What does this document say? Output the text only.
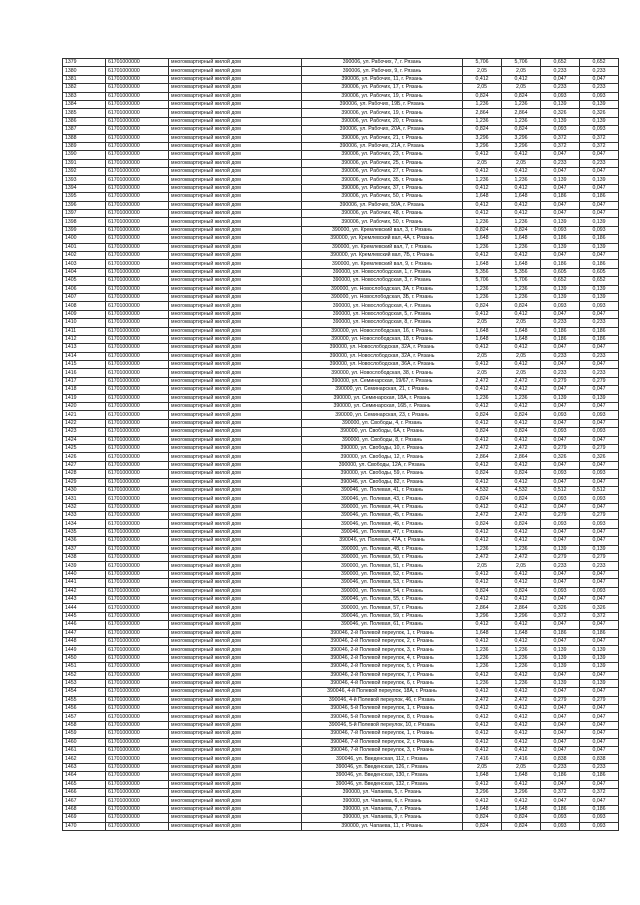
1379	61701000000	многоквартирный жилой дом	390006, ул. Рабочих, 7, г. Рязань	5,706	5,706	0,652	0,652
1380	61701000000	многоквартирный жилой дом	390006, ул. Рабочих, 9, г. Рязань	2,05	2,05	0,233	0,233
1381	61701000000	многоквартирный жилой дом	390006, ул. Рабочих, 11, г. Рязань	0,412	0,412	0,047	0,047
1382	61701000000	многоквартирный жилой дом	390006, ул. Рабочих, 17, г. Рязань	2,05	2,05	0,233	0,233
1383	61701000000	многоквартирный жилой дом	390006, ул. Рабочих, 19, г. Рязань	0,824	0,824	0,093	0,093
1384	61701000000	многоквартирный жилой дом	390006, ул. Рабочих, 19Б, г. Рязань	1,236	1,236	0,139	0,139
1385	61701000000	многоквартирный жилой дом	390006, ул. Рабочих, 19, г. Рязань	2,864	2,864	0,326	0,326
1386	61701000000	многоквартирный жилой дом	390006, ул. Рабочих, 20, г. Рязань	1,236	1,236	0,139	0,139
1387	61701000000	многоквартирный жилой дом	390006, ул. Рабочих, 20А, г. Рязань	0,824	0,824	0,093	0,093
1388	61701000000	многоквартирный жилой дом	390006, ул. Рабочих, 21, г. Рязань	3,296	3,296	0,372	0,372
1389	61701000000	многоквартирный жилой дом	390006, ул. Рабочих, 21А, г. Рязань	3,296	3,296	0,372	0,372
1390	61701000000	многоквартирный жилой дом	390006, ул. Рабочих, 23, г. Рязань	0,412	0,412	0,047	0,047
1391	61701000000	многоквартирный жилой дом	390006, ул. Рабочих, 25, г. Рязань	2,05	2,05	0,233	0,233
1392	61701000000	многоквартирный жилой дом	390006, ул. Рабочих, 27, г. Рязань	0,412	0,412	0,047	0,047
1393	61701000000	многоквартирный жилой дом	390006, ул. Рабочих, 35, г. Рязань	1,236	1,236	0,139	0,139
1394	61701000000	многоквартирный жилой дом	390006, ул. Рабочих, 37, г. Рязань	0,412	0,412	0,047	0,047
1395	61701000000	многоквартирный жилой дом	390006, ул. Рабочих, 50, г. Рязань	1,648	1,648	0,186	0,186
1396	61701000000	многоквартирный жилой дом	390006, ул. Рабочих, 50А, г. Рязань	0,412	0,412	0,047	0,047
1397	61701000000	многоквартирный жилой дом	390006, ул. Рабочих, 48, г. Рязань	0,412	0,412	0,047	0,047
1398	61701000000	многоквартирный жилой дом	390006, ул. Рабочих, 50, г. Рязань	1,236	1,236	0,139	0,139
1399	61701000000	многоквартирный жилой дом	390000, ул. Кремлевский вал, 3, г. Рязань	0,824	0,824	0,093	0,093
1400	61701000000	многоквартирный жилой дом	390000, ул. Кремлевский вал, 4А, г. Рязань	1,648	1,648	0,186	0,186
1401	61701000000	многоквартирный жилой дом	390000, ул. Кремлевский вал, 7, г. Рязань	1,236	1,236	0,139	0,139
1402	61701000000	многоквартирный жилой дом	390000, ул. Кремлевский вал, 7Б, г. Рязань	0,412	0,412	0,047	0,047
1403	61701000000	многоквартирный жилой дом	390000, ул. Кремлевский вал, 9, г. Рязань	1,648	1,648	0,186	0,186
1404	61701000000	многоквартирный жилой дом	390000, ул. Новослободская, 1, г. Рязань	5,356	5,356	0,605	0,605
1405	61701000000	многоквартирный жилой дом	390000, ул. Новослободская, 3, г. Рязань	5,706	5,706	0,652	0,652
1406	61701000000	многоквартирный жилой дом	390000, ул. Новослободская, 3А, г. Рязань	1,236	1,236	0,139	0,139
1407	61701000000	многоквартирный жилой дом	390000, ул. Новослободская, 3Б, г. Рязань	1,236	1,236	0,139	0,139
1408	61701000000	многоквартирный жилой дом	390000, ул. Новослободская, 4, г. Рязань	0,824	0,824	0,093	0,093
1409	61701000000	многоквартирный жилой дом	390000, ул. Новослободская, 5, г. Рязань	0,412	0,412	0,047	0,047
1410	61701000000	многоквартирный жилой дом	390000, ул. Новослободская, 8, г. Рязань	2,05	2,05	0,233	0,233
1411	61701000000	многоквартирный жилой дом	390000, ул. Новослободская, 16, г. Рязань	1,648	1,648	0,186	0,186
1412	61701000000	многоквартирный жилой дом	390000, ул. Новослободская, 18, г. Рязань	1,648	1,648	0,186	0,186
1413	61701000000	многоквартирный жилой дом	390000, ул. Новослободская, 32А, г. Рязань	0,412	0,412	0,047	0,047
1414	61701000000	многоквартирный жилой дом	390000, ул. Новослободская, 32А, г. Рязань	2,05	2,05	0,233	0,233
1415	61701000000	многоквартирный жилой дом	390000, ул. Новослободская, 36А, г. Рязань	0,412	0,412	0,047	0,047
1416	61701000000	многоквартирный жилой дом	390000, ул. Новослободская, 38, г. Рязань	2,05	2,05	0,233	0,233
1417	61701000000	многоквартирный жилой дом	390000, ул. Семинарская, 19/67, г. Рязань	2,472	2,472	0,279	0,279
1418	61701000000	многоквартирный жилой дом	390000, ул. Семинарская, 21, г. Рязань	0,412	0,412	0,047	0,047
1419	61701000000	многоквартирный жилой дом	390000, ул. Семинарская, 18А, г. Рязань	1,236	1,236	0,139	0,139
1420	61701000000	многоквартирный жилой дом	390000, ул. Семинарская, 16Б, г. Рязань	0,412	0,412	0,047	0,047
1421	61701000000	многоквартирный жилой дом	390000, ул. Семинарская, 23, г. Рязань	0,824	0,824	0,093	0,093
1422	61701000000	многоквартирный жилой дом	390000, ул. Свободы, 4, г. Рязань	0,412	0,412	0,047	0,047
1423	61701000000	многоквартирный жилой дом	390000, ул. Свободы, 6А, г. Рязань	0,824	0,824	0,093	0,093
1424	61701000000	многоквартирный жилой дом	390000, ул. Свободы, 8, г. Рязань	0,412	0,412	0,047	0,047
1425	61701000000	многоквартирный жилой дом	390000, ул. Свободы, 10, г. Рязань	2,472	2,472	0,279	0,279
1426	61701000000	многоквартирный жилой дом	390000, ул. Свободы, 12, г. Рязань	2,864	2,864	0,326	0,326
1427	61701000000	многоквартирный жилой дом	390000, ул. Свободы, 12А, г. Рязань	0,412	0,412	0,047	0,047
1428	61701000000	многоквартирный жилой дом	390000, ул. Свободы, 59, г. Рязань	0,824	0,824	0,093	0,093
1429	61701000000	многоквартирный жилой дом	390046, ул. Свободы, 82, г. Рязань	0,412	0,412	0,047	0,047
1430	61701000000	многоквартирный жилой дом	390046, ул. Полевая, 41, г. Рязань	4,532	4,532	0,512	0,512
1431	61701000000	многоквартирный жилой дом	390046, ул. Полевая, 43, г. Рязань	0,824	0,824	0,093	0,093
1432	61701000000	многоквартирный жилой дом	390000, ул. Полевая, 44, г. Рязань	0,412	0,412	0,047	0,047
1433	61701000000	многоквартирный жилой дом	390046, ул. Полевая, 45, г. Рязань	2,472	2,472	0,279	0,279
1434	61701000000	многоквартирный жилой дом	390046, ул. Полевая, 46, г. Рязань	0,824	0,824	0,093	0,093
1435	61701000000	многоквартирный жилой дом	390046, ул. Полевая, 47, г. Рязань	0,412	0,412	0,047	0,047
1436	61701000000	многоквартирный жилой дом	390046, ул. Полевая, 47А, г. Рязань	0,412	0,412	0,047	0,047
1437	61701000000	многоквартирный жилой дом	390000, ул. Полевая, 48, г. Рязань	1,236	1,236	0,139	0,139
1438	61701000000	многоквартирный жилой дом	390000, ул. Полевая, 50, г. Рязань	2,472	2,472	0,279	0,279
1439	61701000000	многоквартирный жилой дом	390000, ул. Полевая, 51, г. Рязань	2,05	2,05	0,233	0,233
1440	61701000000	многоквартирный жилой дом	390000, ул. Полевая, 52, г. Рязань	0,412	0,412	0,047	0,047
1441	61701000000	многоквартирный жилой дом	390046, ул. Полевая, 53, г. Рязань	0,412	0,412	0,047	0,047
1442	61701000000	многоквартирный жилой дом	390000, ул. Полевая, 54, г. Рязань	0,824	0,824	0,093	0,093
1443	61701000000	многоквартирный жилой дом	390046, ул. Полевая, 55, г. Рязань	0,412	0,412	0,047	0,047
1444	61701000000	многоквартирный жилой дом	390000, ул. Полевая, 57, г. Рязань	2,864	2,864	0,326	0,326
1445	61701000000	многоквартирный жилой дом	390046, ул. Полевая, 59, г. Рязань	3,296	3,296	0,372	0,372
1446	61701000000	многоквартирный жилой дом	390046, ул. Полевая, 61, г. Рязань	0,412	0,412	0,047	0,047
1447	61701000000	многоквартирный жилой дом	390046, 2-й Полевой переулок, 1, г. Рязань	1,648	1,648	0,186	0,186
1448	61701000000	многоквартирный жилой дом	390046, 2-й Полевой переулок, 2, г. Рязань	0,412	0,412	0,047	0,047
1449	61701000000	многоквартирный жилой дом	390046, 2-й Полевой переулок, 3, г. Рязань	1,236	1,236	0,139	0,139
1450	61701000000	многоквартирный жилой дом	390046, 2-й Полевой переулок, 4, г. Рязань	1,236	1,236	0,139	0,139
1451	61701000000	многоквартирный жилой дом	390046, 2-й Полевой переулок, 5, г. Рязань	1,236	1,236	0,139	0,139
1452	61701000000	многоквартирный жилой дом	390046, 2-й Полевой переулок, 7, г. Рязань	0,412	0,412	0,047	0,047
1453	61701000000	многоквартирный жилой дом	390046, 4-й Полевой переулок, 6, г. Рязань	1,236	1,236	0,139	0,139
1454	61701000000	многоквартирный жилой дом	390046, 4-й Полевой переулок, 18А, г. Рязань	0,412	0,412	0,047	0,047
1455	61701000000	многоквартирный жилой дом	390046, 4-й Полевой переулок, 46, г. Рязань	2,472	2,472	0,279	0,279
1456	61701000000	многоквартирный жилой дом	390046, 5-й Полевой переулок, 1, г. Рязань	0,412	0,412	0,047	0,047
1457	61701000000	многоквартирный жилой дом	390046, 5-й Полевой переулок, 8, г. Рязань	0,412	0,412	0,047	0,047
1458	61701000000	многоквартирный жилой дом	390046, 5-й Полевой переулок, 10, г. Рязань	0,412	0,412	0,047	0,047
1459	61701000000	многоквартирный жилой дом	390046, 7-й Полевой переулок, 1, г. Рязань	0,412	0,412	0,047	0,047
1460	61701000000	многоквартирный жилой дом	390046, 7-й Полевой переулок, 2, г. Рязань	0,412	0,412	0,047	0,047
1461	61701000000	многоквартирный жилой дом	390046, 7-й Полевой переулок, 3, г. Рязань	0,412	0,412	0,047	0,047
1462	61701000000	многоквартирный жилой дом	390046, ул. Введенская, 112, г. Рязань	7,416	7,416	0,838	0,838
1463	61701000000	многоквартирный жилой дом	390046, ул. Введенская, 126, г. Рязань	2,05	2,05	0,233	0,233
1464	61701000000	многоквартирный жилой дом	390046, ул. Введенская, 130, г. Рязань	1,648	1,648	0,186	0,186
1465	61701000000	многоквартирный жилой дом	390046, ул. Введенская, 132, г. Рязань	0,412	0,412	0,047	0,047
1466	61701000000	многоквартирный жилой дом	390000, ул. Чапаева, 5, г. Рязань	3,296	3,296	0,372	0,372
1467	61701000000	многоквартирный жилой дом	390000, ул. Чапаева, 6, г. Рязань	0,412	0,412	0,047	0,047
1468	61701000000	многоквартирный жилой дом	390000, ул. Чапаева, 7, г. Рязань	1,648	1,648	0,186	0,186
1469	61701000000	многоквартирный жилой дом	390000, ул. Чапаева, 9, г. Рязань	0,824	0,824	0,093	0,093
1470	61701000000	многоквартирный жилой дом	390000, ул. Чапаева, 11, г. Рязань	0,824	0,824	0,093	0,093
